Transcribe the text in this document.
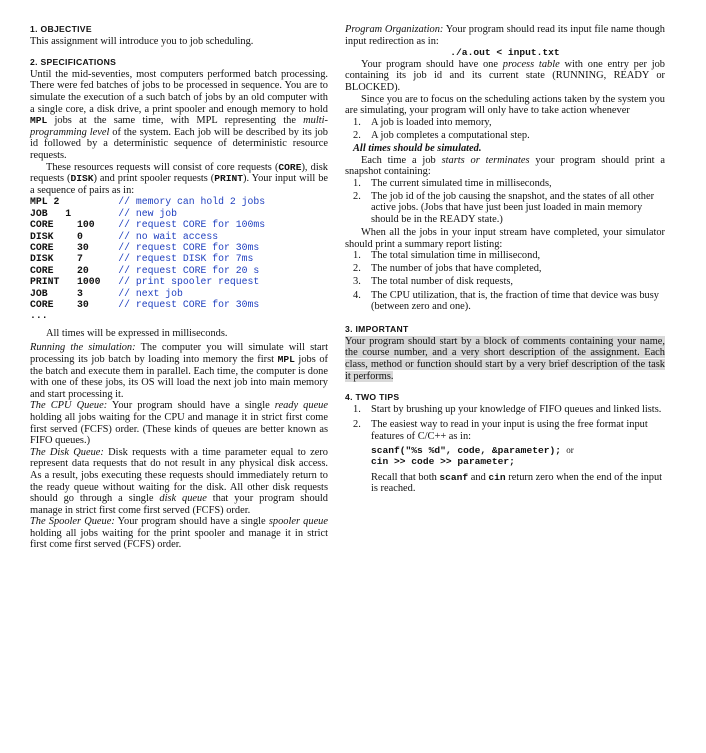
1. OBJECTIVE

This assignment will introduce you to job scheduling.

2. SPECIFICATIONS

Until the mid-seventies, most computers performed batch processing. There were fed batches of jobs to be processed in sequence. You are to simulate the execution of a such batch of jobs by an old computer with a single core, a disk drive, a print spooler and enough memory to hold MPL jobs at the same time, with MPL representing the multi-programming level of the system. Each job will be described by its job id followed by a deterministic sequence of deterministic resource requests.

These resources requests will consist of core requests (CORE), disk requests (DISK) and print spooler requests (PRINT). Your input will be a sequence of pairs as in:

MPL 2          // memory can hold 2 jobs
JOB   1        // new job
CORE    100    // request CORE for 100ms
DISK    0      // no wait access
CORE    30     // request CORE for 30ms
DISK    7      // request DISK for 7ms
CORE    20     // request CORE for 20 s
PRINT   1000   // print spooler request
JOB     3      // next job
CORE    30     // request CORE for 30ms
...

All times will be expressed in milliseconds.

Running the simulation: The computer you will simulate will start processing its job batch by loading into memory the first MPL jobs of the batch and execute them in parallel. Each time, the computer is done with one of these jobs, its OS will load the next job into main memory and start processing it.

The CPU Queue: Your program should have a single ready queue holding all jobs waiting for the CPU and manage it in strict first come first served (FCFS) order. (These kinds of queues are better known as FIFO queues.)

The Disk Queue: Disk requests with a time parameter equal to zero represent data requests that do not result in any physical disk access. As a result, jobs executing these requests should immediately return to the ready queue without waiting for the disk. All other disk requests should go through a single disk queue that your program should manage in strict first come first served (FCFS) order.

The Spooler Queue: Your program should have a single spooler queue holding all jobs waiting for the print spooler and manage it in strict first come first served (FCFS) order.

Program Organization: Your program should read its input file name though input redirection as in:

./a.out < input.txt

Your program should have one process table with one entry per job containing its job id and its current state (RUNNING, READY or BLOCKED).

Since you are to focus on the scheduling actions taken by the system you are simulating, your program will only have to take action whenever

1. A job is loaded into memory,
2. A job completes a computational step.

All times should be simulated.

Each time a job starts or terminates your program should print a snapshot containing:

1. The current simulated time in milliseconds,
2. The job id of the job causing the snapshot, and the states of all other active jobs. (Jobs that have just been just loaded in main memory should be in the READY state.)

When all the jobs in your input stream have completed, your simulator should print a summary report listing:

1. The total simulation time in millisecond,
2. The number of jobs that have completed,
3. The total number of disk requests,
4. The CPU utilization, that is, the fraction of time that device was busy (between zero and one).

3. IMPORTANT

Your program should start by a block of comments containing your name, the course number, and a very short description of the assignment. Each class, method or function should start by a very brief description of the task it performs.

4. TWO TIPS

1. Start by brushing up your knowledge of FIFO queues and linked lists.
2. The easiest way to read in your input is using the free format input features of C/C++ as in:
scanf("%s %d", code, &parameter); or
cin >> code >> parameter;
Recall that both scanf and cin return zero when the end of the input is reached.
